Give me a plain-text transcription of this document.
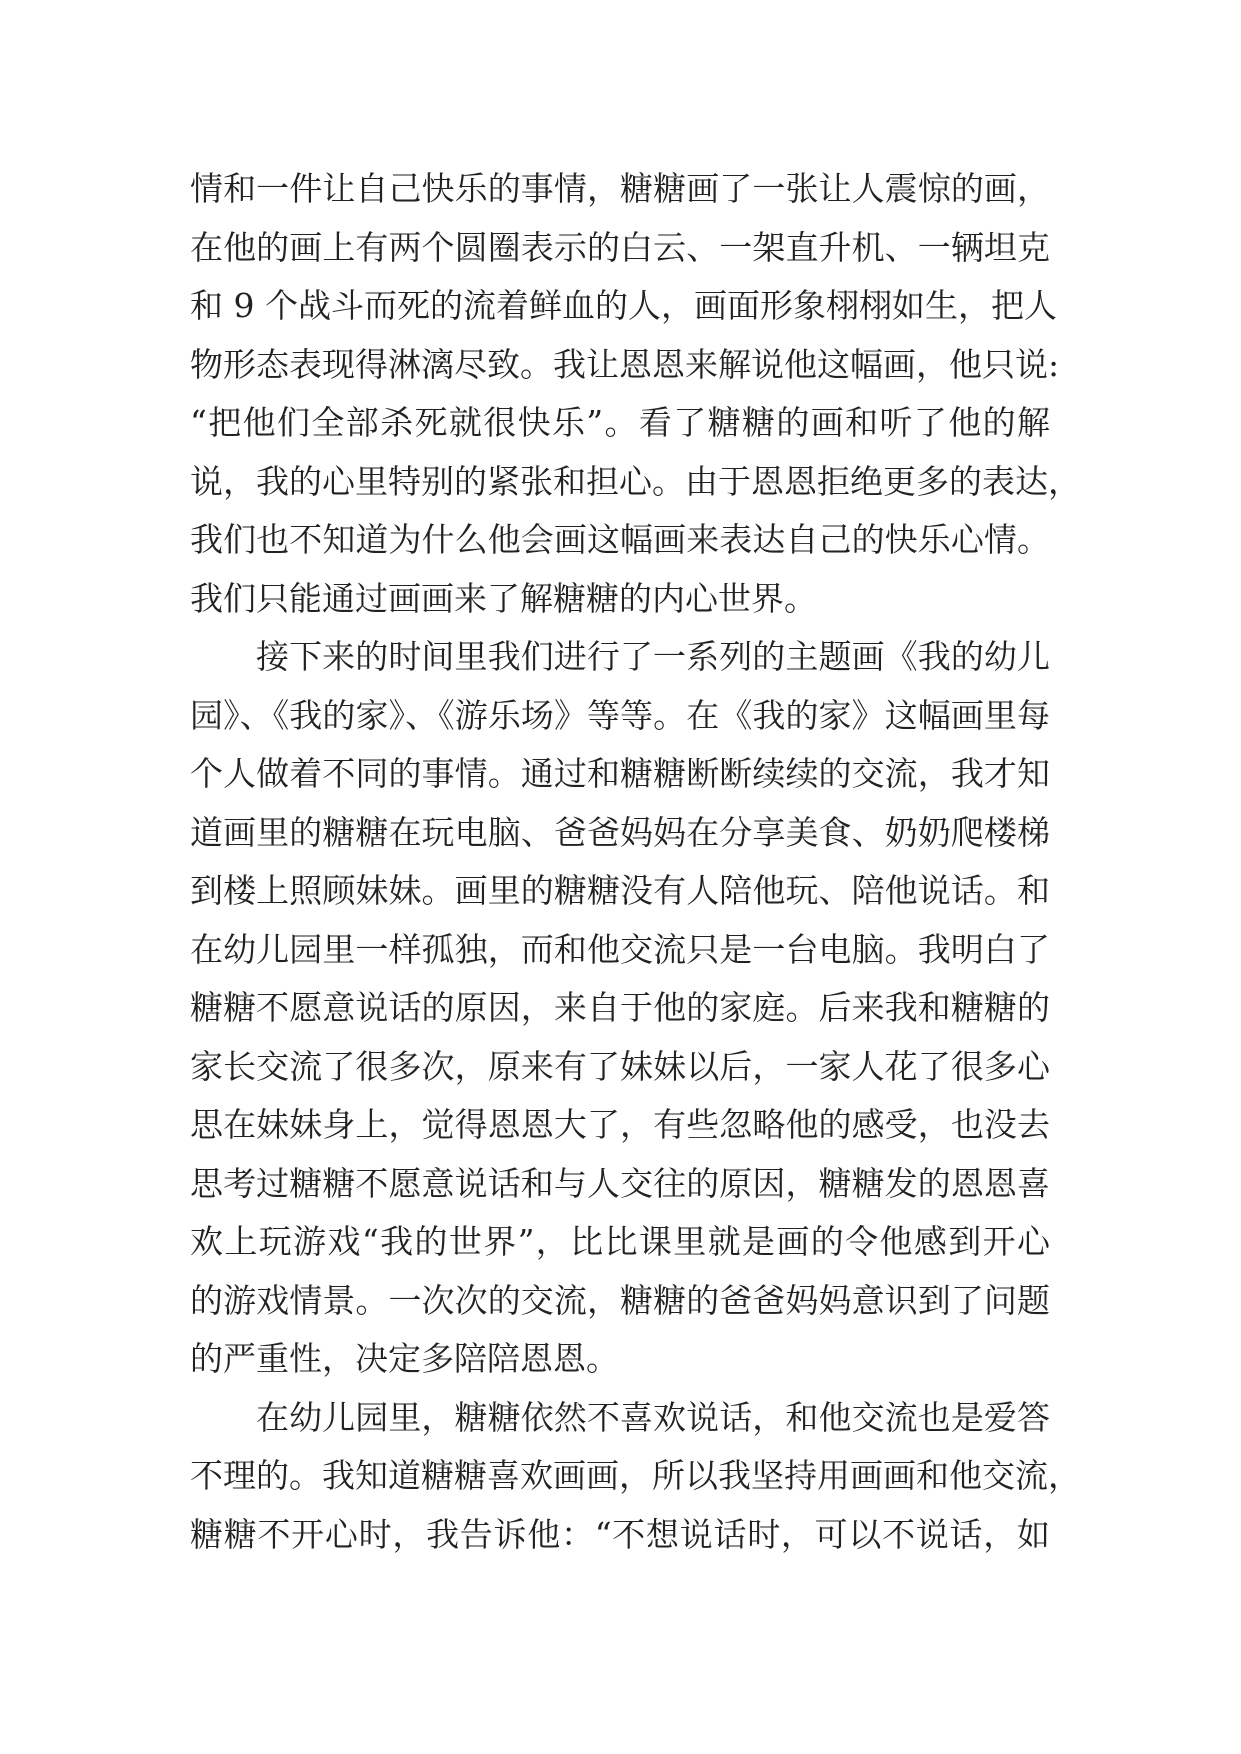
情和一件让自己快乐的事情，糖糖画了一张让人震惊的画，
在他的画上有两个圆圈表示的白云、一架直升机、一辆坦克
和 9 个战斗而死的流着鲜血的人，画面形象栩栩如生，把人
物形态表现得淋漓尽致。我让恩恩来解说他这幅画，他只说:
“把他们全部杀死就很快乐”。看了糖糖的画和听了他的解
说，我的心里特别的紧张和担心。由于恩恩拒绝更多的表达，
我们也不知道为什么他会画这幅画来表达自己的快乐心情。
我们只能通过画画来了解糖糖的内心世界。
接下来的时间里我们进行了一系列的主题画《我的幼儿
园》、《我的家》、《游乐场》等等。在《我的家》这幅画里每
个人做着不同的事情。通过和糖糖断断续续的交流，我才知
道画里的糖糖在玩电脑、爸爸妈妈在分享美食、奶奶爬楼梯
到楼上照顾妹妹。画里的糖糖没有人陪他玩、陪他说话。和
在幼儿园里一样孤独，而和他交流只是一台电脑。我明白了
糖糖不愿意说话的原因，来自于他的家庭。后来我和糖糖的
家长交流了很多次，原来有了妹妹以后，一家人花了很多心
思在妹妹身上，觉得恩恩大了，有些忽略他的感受，也没去
思考过糖糖不愿意说话和与人交往的原因，糖糖发的恩恩喜
欢上玩游戏“我的世界”，比比课里就是画的令他感到开心
的游戏情景。一次次的交流，糖糖的爸爸妈妈意识到了问题
的严重性，决定多陪陪恩恩。
在幼儿园里，糖糖依然不喜欢说话，和他交流也是爱答
不理的。我知道糖糖喜欢画画，所以我坚持用画画和他交流，
糖糖不开心时，我告诉他：“不想说话时，可以不说话，如
